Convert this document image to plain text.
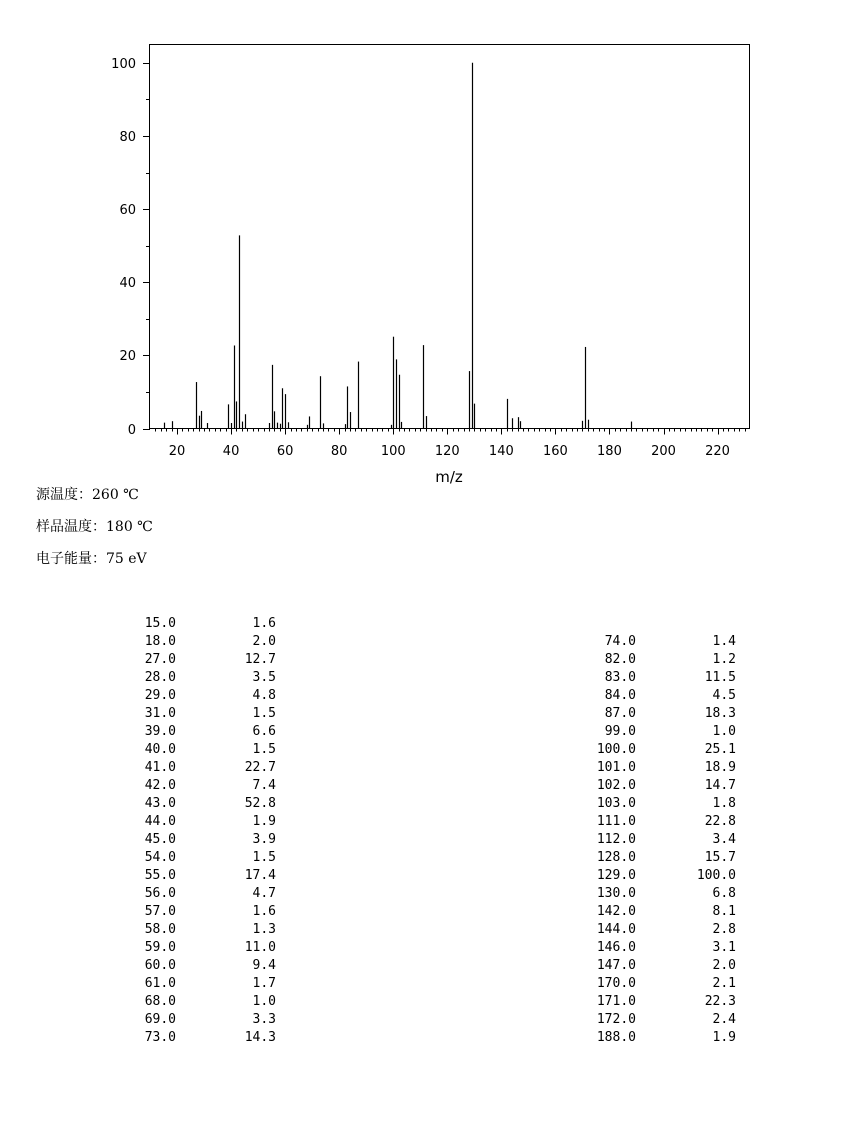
0
20
40
60
80
100
20	40	60	80	100 120 140 160 180 200 220
m/z
源温度：260 ℃
样品温度：180 ℃
电子能量：75 eV
15.0	1.6
18.0	2.0
27.0	12.7
28.0	3.5
29.0	4.8
31.0	1.5
39.0	6.6
40.0	1.5
41.0	22.7
42.0	7.4
43.0	52.8
44.0	1.9
45.0	3.9
54.0	1.5
55.0	17.4
56.0	4.7
57.0	1.6
58.0	1.3
59.0	11.0
60.0	9.4
61.0	1.7
68.0	1.0
69.0	3.3
73.0	14.3
74.0	1.4
82.0	1.2
83.0	11.5
84.0	4.5
87.0	18.3
99.0	1.0
100.0	25.1
101.0	18.9
102.0	14.7
103.0	1.8
111.0	22.8
112.0	3.4
128.0	15.7
129.0	100.0
130.0	6.8
142.0	8.1
144.0	2.8
146.0	3.1
147.0	2.0
170.0	2.1
171.0	22.3
172.0	2.4
188.0	1.9
